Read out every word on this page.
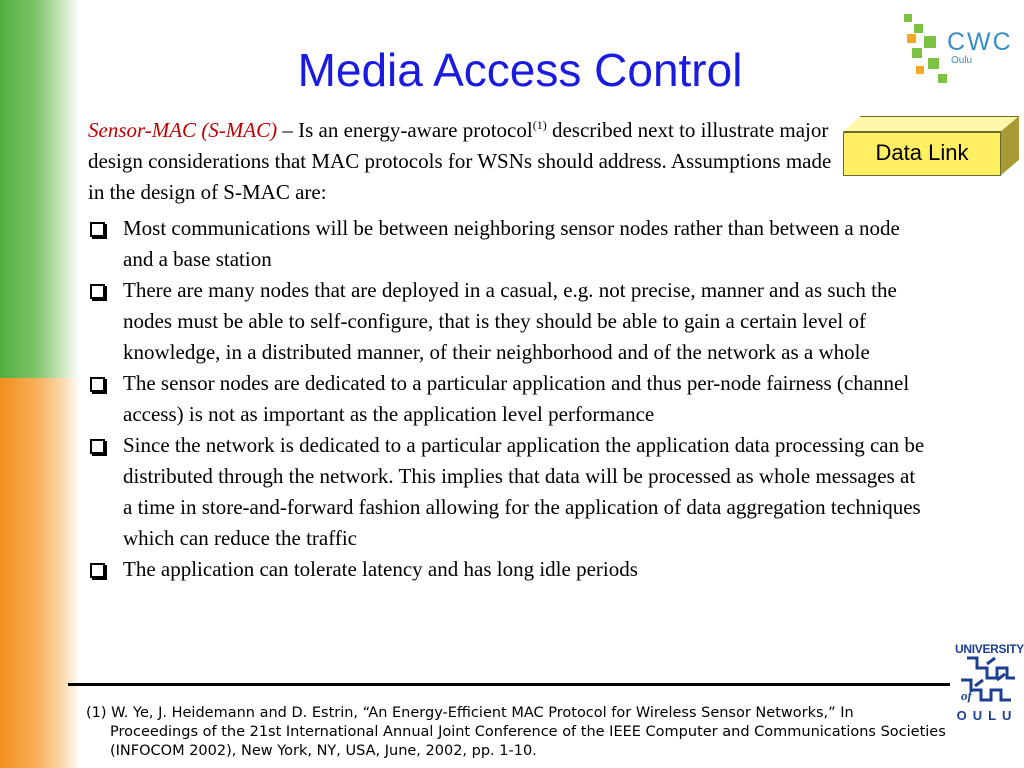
Media Access Control
CWC
Oulu

Sensor-MAC (S-MAC) – Is an energy-aware protocol$^{(1)}$ described next to illustrate major design considerations that MAC protocols for WSNs should address. Assumptions made in the design of S-MAC are:

Data Link
Most communications will be between neighboring sensor nodes rather than between a node and a base station
There are many nodes that are deployed in a casual, e.g. not precise, manner and as such the nodes must be able to self-configure, that is they should be able to gain a certain level of knowledge, in a distributed manner, of their neighborhood and of the network as a whole
The sensor nodes are dedicated to a particular application and thus per-node fairness (channel access) is not as important as the application level performance
Since the network is dedicated to a particular application the application data processing can be distributed through the network. This implies that data will be processed as whole messages at a time in store-and-forward fashion allowing for the application of data aggregation techniques which can reduce the traffic
The application can tolerate latency and has long idle periods

(1) W. Ye, J. Heidemann and D. Estrin, “An Energy-Efficient MAC Protocol for Wireless Sensor Networks,” In Proceedings of the 21st International Annual Joint Conference of the IEEE Computer and Communications Societies (INFOCOM 2002), New York, NY, USA, June, 2002, pp. 1-10.

UNIVERSITY
of
OULU
